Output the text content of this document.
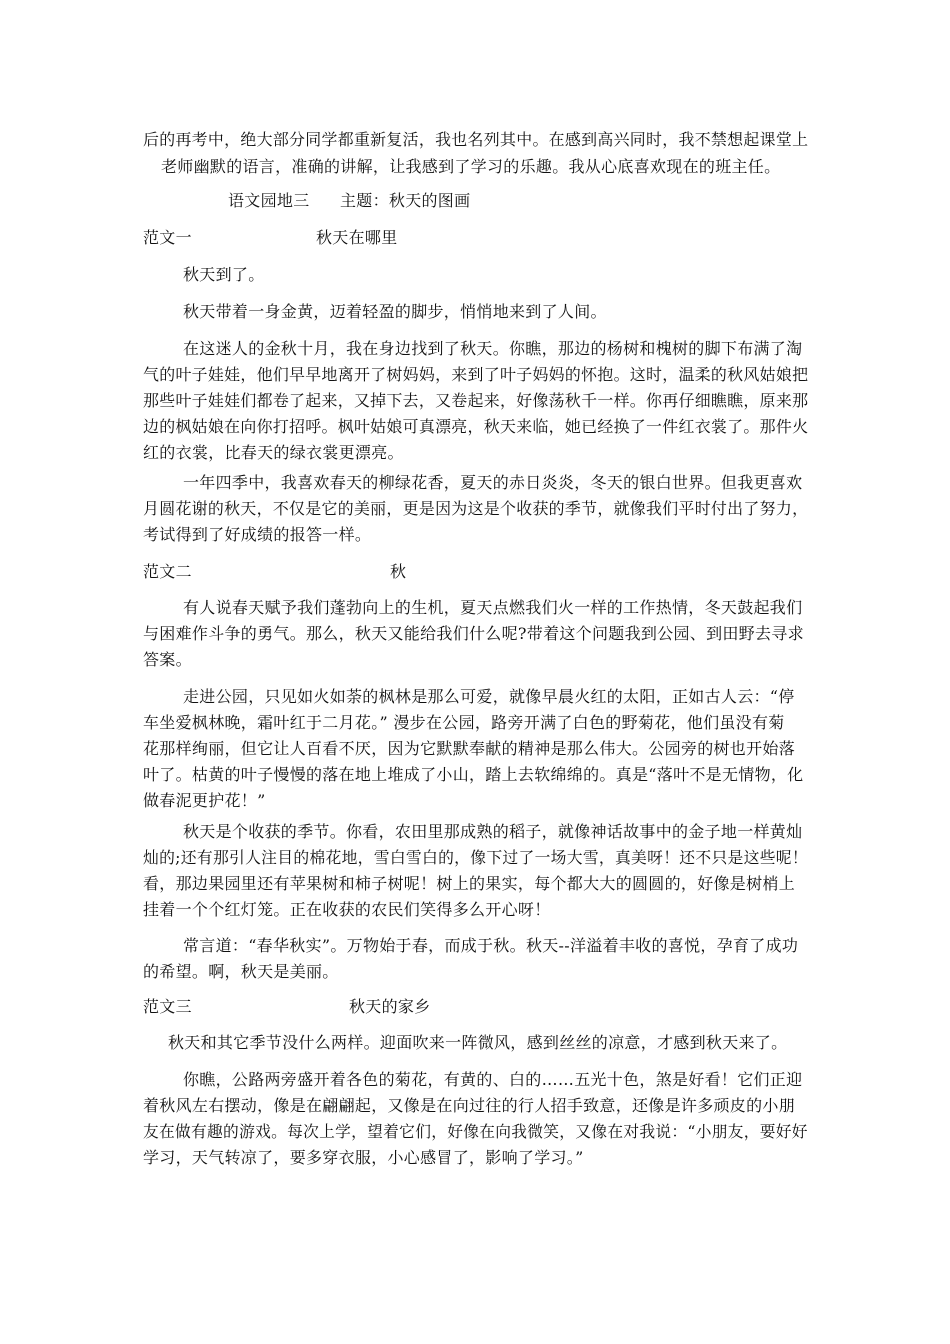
后的再考中，绝大部分同学都重新复活，我也名列其中。在感到高兴同时，我不禁想起课堂上
老师幽默的语言，准确的讲解，让我感到了学习的乐趣。我从心底喜欢现在的班主任。
语文园地三 主题：秋天的图画
范文一	秋天在哪里
秋天到了。
秋天带着一身金黄，迈着轻盈的脚步，悄悄地来到了人间。
在这迷人的金秋十月，我在身边找到了秋天。你瞧，那边的杨树和槐树的脚下布满了淘
气的叶子娃娃，他们早早地离开了树妈妈，来到了叶子妈妈的怀抱。这时，温柔的秋风姑娘把
那些叶子娃娃们都卷了起来，又掉下去，又卷起来，好像荡秋千一样。你再仔细瞧瞧，原来那
边的枫姑娘在向你打招呼。枫叶姑娘可真漂亮，秋天来临，她已经换了一件红衣裳了。那件火
红的衣裳，比春天的绿衣裳更漂亮。
一年四季中，我喜欢春天的柳绿花香，夏天的赤日炎炎，冬天的银白世界。但我更喜欢
月圆花谢的秋天，不仅是它的美丽，更是因为这是个收获的季节，就像我们平时付出了努力，
考试得到了好成绩的报答一样。
范文二	秋
有人说春天赋予我们蓬勃向上的生机，夏天点燃我们火一样的工作热情，冬天鼓起我们
与困难作斗争的勇气。那么，秋天又能给我们什么呢?带着这个问题我到公园、到田野去寻求
答案。
走进公园，只见如火如荼的枫林是那么可爱，就像早晨火红的太阳，正如古人云：“停
车坐爱枫林晚，霜叶红于二月花。” 漫步在公园，路旁开满了白色的野菊花，他们虽没有菊
花那样绚丽，但它让人百看不厌，因为它默默奉献的精神是那么伟大。公园旁的树也开始落
叶了。枯黄的叶子慢慢的落在地上堆成了小山，踏上去软绵绵的。真是“落叶不是无情物，化
做春泥更护花！”
秋天是个收获的季节。你看，农田里那成熟的稻子，就像神话故事中的金子地一样黄灿
灿的;还有那引人注目的棉花地，雪白雪白的，像下过了一场大雪，真美呀！还不只是这些呢！
看，那边果园里还有苹果树和柿子树呢！树上的果实，每个都大大的圆圆的，好像是树梢上
挂着一个个红灯笼。正在收获的农民们笑得多么开心呀！
常言道：“春华秋实”。万物始于春，而成于秋。秋天--洋溢着丰收的喜悦，孕育了成功
的希望。啊，秋天是美丽。
范文三	秋天的家乡
秋天和其它季节没什么两样。迎面吹来一阵微风，感到丝丝的凉意，才感到秋天来了。
你瞧，公路两旁盛开着各色的菊花，有黄的、白的……五光十色，煞是好看！它们正迎
着秋风左右摆动，像是在翩翩起，又像是在向过往的行人招手致意，还像是许多顽皮的小朋
友在做有趣的游戏。每次上学，望着它们，好像在向我微笑，又像在对我说：“小朋友，要好好
学习，天气转凉了，要多穿衣服，小心感冒了，影响了学习。”
